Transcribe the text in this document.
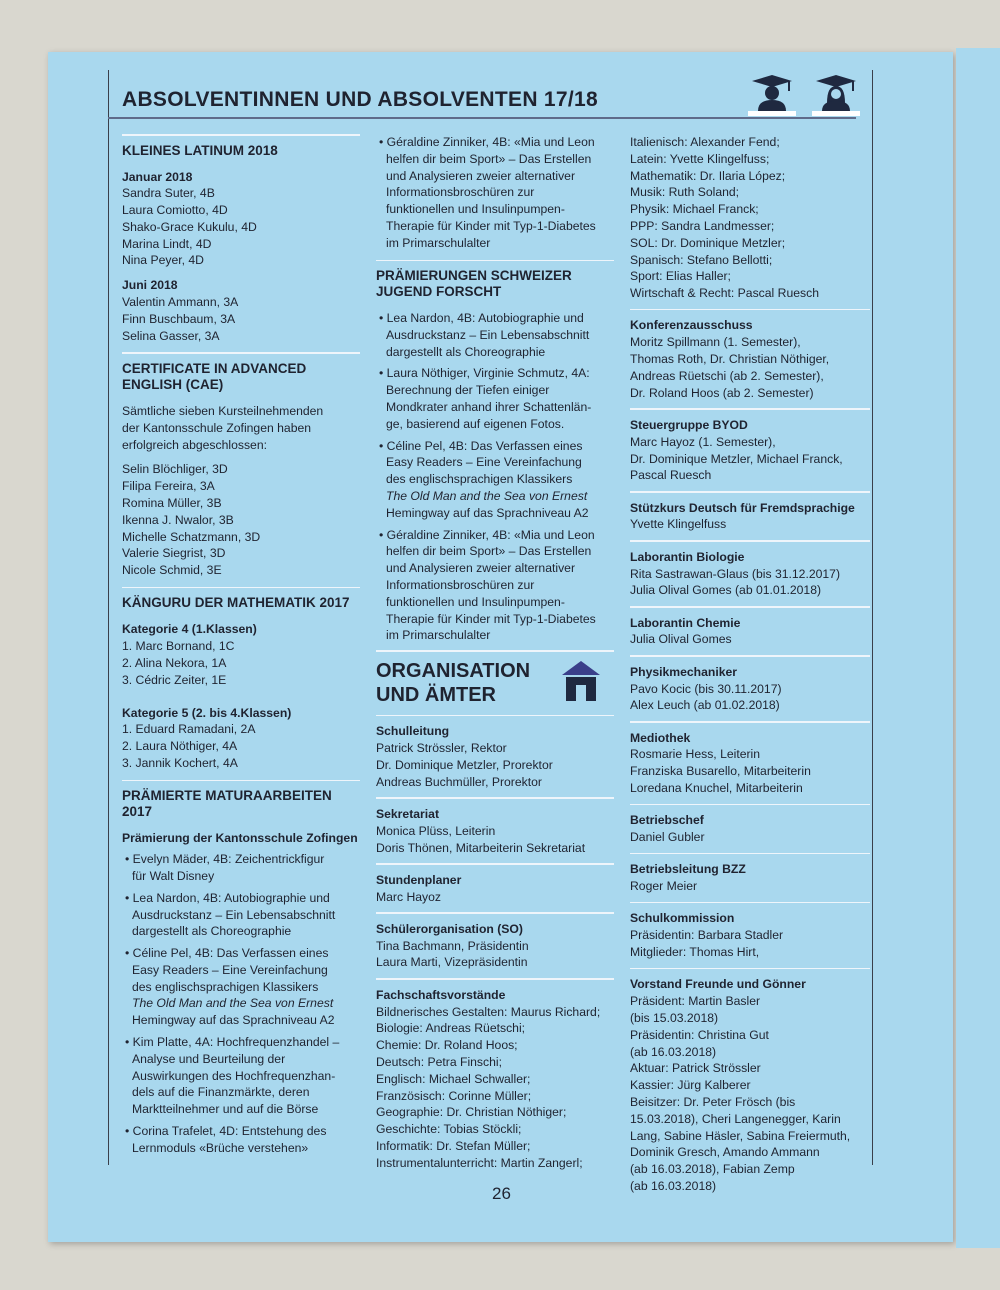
ABSOLVENTINNEN UND ABSOLVENTEN 17/18
KLEINES LATINUM 2018
Januar 2018
Sandra Suter, 4B
Laura Comiotto, 4D
Shako-Grace Kukulu, 4D
Marina Lindt, 4D
Nina Peyer, 4D
Juni 2018
Valentin Ammann, 3A
Finn Buschbaum, 3A
Selina Gasser, 3A
CERTIFICATE IN ADVANCED ENGLISH (CAE)
Sämtliche sieben Kursteilnehmenden
der Kantonsschule Zofingen haben
erfolgreich abgeschlossen:
Selin Blöchliger, 3D
Filipa Fereira, 3A
Romina Müller, 3B
Ikenna J. Nwalor, 3B
Michelle Schatzmann, 3D
Valerie Siegrist, 3D
Nicole Schmid, 3E
KÄNGURU DER MATHEMATIK 2017
Kategorie 4 (1.Klassen)
1. Marc Bornand, 1C
2. Alina Nekora, 1A
3. Cédric Zeiter, 1E
Kategorie 5 (2. bis 4.Klassen)
1. Eduard Ramadani, 2A
2. Laura Nöthiger, 4A
3. Jannik Kochert, 4A
PRÄMIERTE MATURAARBEITEN 2017
Prämierung der Kantonsschule Zofingen
• Evelyn Mäder, 4B: Zeichentrickfigur
für Walt Disney
• Lea Nardon, 4B: Autobiographie und
Ausdruckstanz – Ein Lebensabschnitt
dargestellt als Choreographie
• Céline Pel, 4B: Das Verfassen eines
Easy Readers – Eine Vereinfachung
des englischsprachigen Klassikers
The Old Man and the Sea von Ernest
Hemingway auf das Sprachniveau A2
• Kim Platte, 4A: Hochfrequenzhandel –
Analyse und Beurteilung der
Auswirkungen des Hochfrequenzhan-
dels auf die Finanzmärkte, deren
Marktteilnehmer und auf die Börse
• Corina Trafelet, 4D: Entstehung des
Lernmoduls «Brüche verstehen»
• Géraldine Zinniker, 4B: «Mia und Leon
helfen dir beim Sport» – Das Erstellen
und Analysieren zweier alternativer
Informationsbroschüren zur
funktionellen und Insulinpumpen-
Therapie für Kinder mit Typ-1-Diabetes
im Primarschulalter
PRÄMIERUNGEN SCHWEIZER JUGEND FORSCHT
• Lea Nardon, 4B: Autobiographie und
Ausdruckstanz – Ein Lebensabschnitt
dargestellt als Choreographie
• Laura Nöthiger, Virginie Schmutz, 4A:
Berechnung der Tiefen einiger
Mondkrater anhand ihrer Schattenlän-
ge, basierend auf eigenen Fotos.
• Céline Pel, 4B: Das Verfassen eines
Easy Readers – Eine Vereinfachung
des englischsprachigen Klassikers
The Old Man and the Sea von Ernest
Hemingway auf das Sprachniveau A2
• Géraldine Zinniker, 4B: «Mia und Leon
helfen dir beim Sport» – Das Erstellen
und Analysieren zweier alternativer
Informationsbroschüren zur
funktionellen und Insulinpumpen-
Therapie für Kinder mit Typ-1-Diabetes
im Primarschulalter
ORGANISATION
UND ÄMTER
Schulleitung
Patrick Strössler, Rektor
Dr. Dominique Metzler, Prorektor
Andreas Buchmüller, Prorektor
Sekretariat
Monica Plüss, Leiterin
Doris Thönen, Mitarbeiterin Sekretariat
Stundenplaner
Marc Hayoz
Schülerorganisation (SO)
Tina Bachmann, Präsidentin
Laura Marti, Vizepräsidentin
Fachschaftsvorstände
Bildnerisches Gestalten: Maurus Richard;
Biologie: Andreas Rüetschi;
Chemie: Dr. Roland Hoos;
Deutsch: Petra Finschi;
Englisch: Michael Schwaller;
Französisch: Corinne Müller;
Geographie: Dr. Christian Nöthiger;
Geschichte: Tobias Stöckli;
Informatik: Dr. Stefan Müller;
Instrumentalunterricht: Martin Zangerl;
Italienisch: Alexander Fend;
Latein: Yvette Klingelfuss;
Mathematik: Dr. Ilaria López;
Musik: Ruth Soland;
Physik: Michael Franck;
PPP: Sandra Landmesser;
SOL: Dr. Dominique Metzler;
Spanisch: Stefano Bellotti;
Sport: Elias Haller;
Wirtschaft & Recht: Pascal Ruesch
Konferenzausschuss
Moritz Spillmann (1. Semester),
Thomas Roth, Dr. Christian Nöthiger,
Andreas Rüetschi (ab 2. Semester),
Dr. Roland Hoos (ab 2. Semester)
Steuergruppe BYOD
Marc Hayoz (1. Semester),
Dr. Dominique Metzler, Michael Franck,
Pascal Ruesch
Stützkurs Deutsch für Fremdsprachige
Yvette Klingelfuss
Laborantin Biologie
Rita Sastrawan-Glaus (bis 31.12.2017)
Julia Olival Gomes (ab 01.01.2018)
Laborantin Chemie
Julia Olival Gomes
Physikmechaniker
Pavo Kocic (bis 30.11.2017)
Alex Leuch (ab 01.02.2018)
Mediothek
Rosmarie Hess, Leiterin
Franziska Busarello, Mitarbeiterin
Loredana Knuchel, Mitarbeiterin
Betriebschef
Daniel Gubler
Betriebsleitung BZZ
Roger Meier
Schulkommission
Präsidentin: Barbara Stadler
Mitglieder: Thomas Hirt,
Vorstand Freunde und Gönner
Präsident: Martin Basler
(bis 15.03.2018)
Präsidentin: Christina Gut
(ab 16.03.2018)
Aktuar: Patrick Strössler
Kassier: Jürg Kalberer
Beisitzer: Dr. Peter Frösch (bis
15.03.2018), Cheri Langenegger, Karin
Lang, Sabine Häsler, Sabina Freiermuth,
Dominik Gresch, Amando Ammann
(ab 16.03.2018), Fabian Zemp
(ab 16.03.2018)
26
